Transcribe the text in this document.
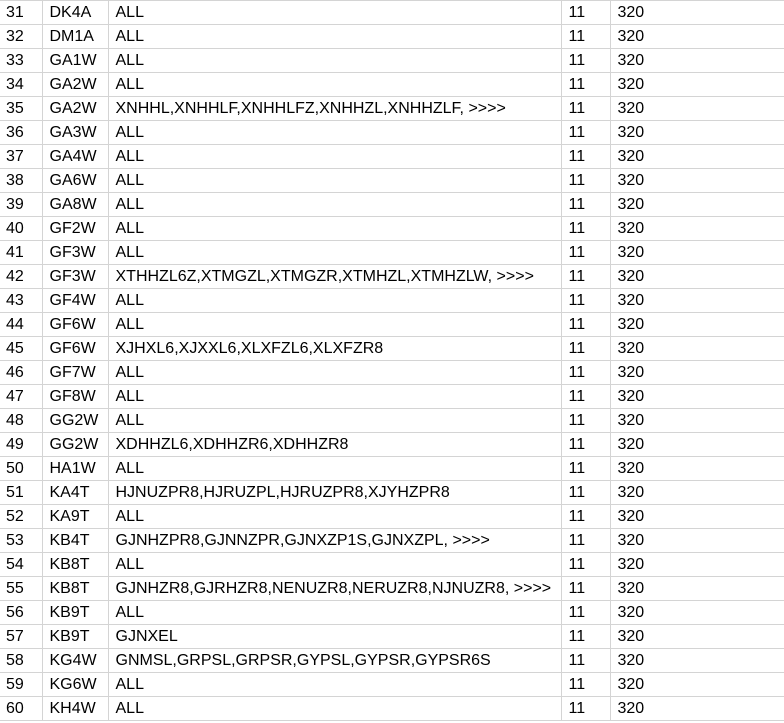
31	DK4A	ALL	11	320
32	DM1A	ALL	11	320
33	GA1W	ALL	11	320
34	GA2W	ALL	11	320
35	GA2W	XNHHL,XNHHLF,XNHHLFZ,XNHHZL,XNHHZLF, >>>>	11	320
36	GA3W	ALL	11	320
37	GA4W	ALL	11	320
38	GA6W	ALL	11	320
39	GA8W	ALL	11	320
40	GF2W	ALL	11	320
41	GF3W	ALL	11	320
42	GF3W	XTHHZL6Z,XTMGZL,XTMGZR,XTMHZL,XTMHZLW, >>>>	11	320
43	GF4W	ALL	11	320
44	GF6W	ALL	11	320
45	GF6W	XJHXL6,XJXXL6,XLXFZL6,XLXFZR8	11	320
46	GF7W	ALL	11	320
47	GF8W	ALL	11	320
48	GG2W	ALL	11	320
49	GG2W	XDHHZL6,XDHHZR6,XDHHZR8	11	320
50	HA1W	ALL	11	320
51	KA4T	HJNUZPR8,HJRUZPL,HJRUZPR8,XJYHZPR8	11	320
52	KA9T	ALL	11	320
53	KB4T	GJNHZPR8,GJNNZPR,GJNXZP1S,GJNXZPL, >>>>	11	320
54	KB8T	ALL	11	320
55	KB8T	GJNHZR8,GJRHZR8,NENUZR8,NERUZR8,NJNUZR8, >>>>	11	320
56	KB9T	ALL	11	320
57	KB9T	GJNXEL	11	320
58	KG4W	GNMSL,GRPSL,GRPSR,GYPSL,GYPSR,GYPSR6S	11	320
59	KG6W	ALL	11	320
60	KH4W	ALL	11	320
